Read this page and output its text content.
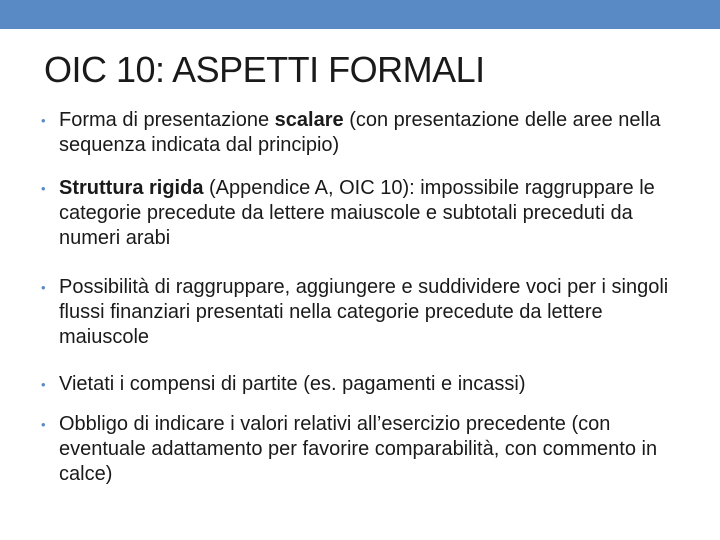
OIC 10: ASPETTI FORMALI
• Forma di presentazione scalare (con presentazione delle aree nella sequenza indicata dal principio)
• Struttura rigida (Appendice A, OIC 10): impossibile raggruppare le categorie precedute da lettere maiuscole e subtotali preceduti da numeri arabi
• Possibilità di raggruppare, aggiungere e suddividere voci per i singoli flussi finanziari presentati nella categorie precedute da lettere maiuscole
• Vietati i compensi di partite (es. pagamenti e incassi)
• Obbligo di indicare i valori relativi all’esercizio precedente (con eventuale adattamento per favorire comparabilità, con commento in calce)
